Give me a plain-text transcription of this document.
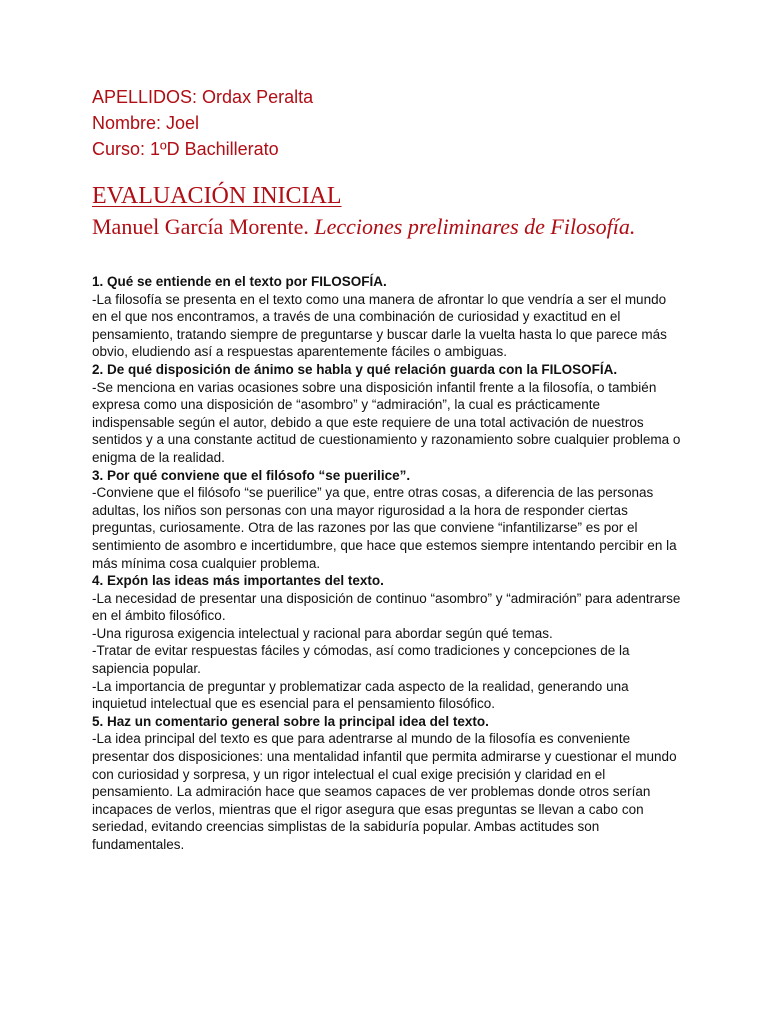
APELLIDOS: Ordax Peralta
Nombre: Joel
Curso: 1ºD Bachillerato
EVALUACIÓN INICIAL
Manuel García Morente. Lecciones preliminares de Filosofía.
1. Qué se entiende en el texto por FILOSOFÍA.
-La filosofía se presenta en el texto como una manera de afrontar lo que vendría a ser el mundo en el que nos encontramos, a través de una combinación de curiosidad y exactitud en el pensamiento, tratando siempre de preguntarse y buscar darle la vuelta hasta lo que parece más obvio, eludiendo así a respuestas aparentemente fáciles o ambiguas.
2. De qué disposición de ánimo se habla y qué relación guarda con la FILOSOFÍA.
-Se menciona en varias ocasiones sobre una disposición infantil frente a la filosofía, o también expresa como una disposición de “asombro” y “admiración”, la cual es prácticamente indispensable según el autor, debido a que este requiere de una total activación de nuestros sentidos y a una constante actitud de cuestionamiento y razonamiento sobre cualquier problema o enigma de la realidad.
3. Por qué conviene que el filósofo “se puerilice”.
-Conviene que el filósofo “se puerilice” ya que, entre otras cosas, a diferencia de las personas adultas, los niños son personas con una mayor rigurosidad a la hora de responder ciertas preguntas, curiosamente. Otra de las razones por las que conviene “infantilizarse” es por el sentimiento de asombro e incertidumbre, que hace que estemos siempre intentando percibir en la más mínima cosa cualquier problema.
4. Expón las ideas más importantes del texto.
-La necesidad de presentar una disposición de continuo “asombro” y “admiración” para adentrarse en el ámbito filosófico.
-Una rigurosa exigencia intelectual y racional para abordar según qué temas.
-Tratar de evitar respuestas fáciles y cómodas, así como tradiciones y concepciones de la sapiencia popular.
-La importancia de preguntar y problematizar cada aspecto de la realidad, generando una inquietud intelectual que es esencial para el pensamiento filosófico.
5. Haz un comentario general sobre la principal idea del texto.
-La idea principal del texto es que para adentrarse al mundo de la filosofía es conveniente presentar dos disposiciones: una mentalidad infantil que permita admirarse y cuestionar el mundo con curiosidad y sorpresa, y un rigor intelectual el cual exige precisión y claridad en el pensamiento. La admiración hace que seamos capaces de ver problemas donde otros serían incapaces de verlos, mientras que el rigor asegura que esas preguntas se llevan a cabo con seriedad, evitando creencias simplistas de la sabiduría popular. Ambas actitudes son fundamentales.
